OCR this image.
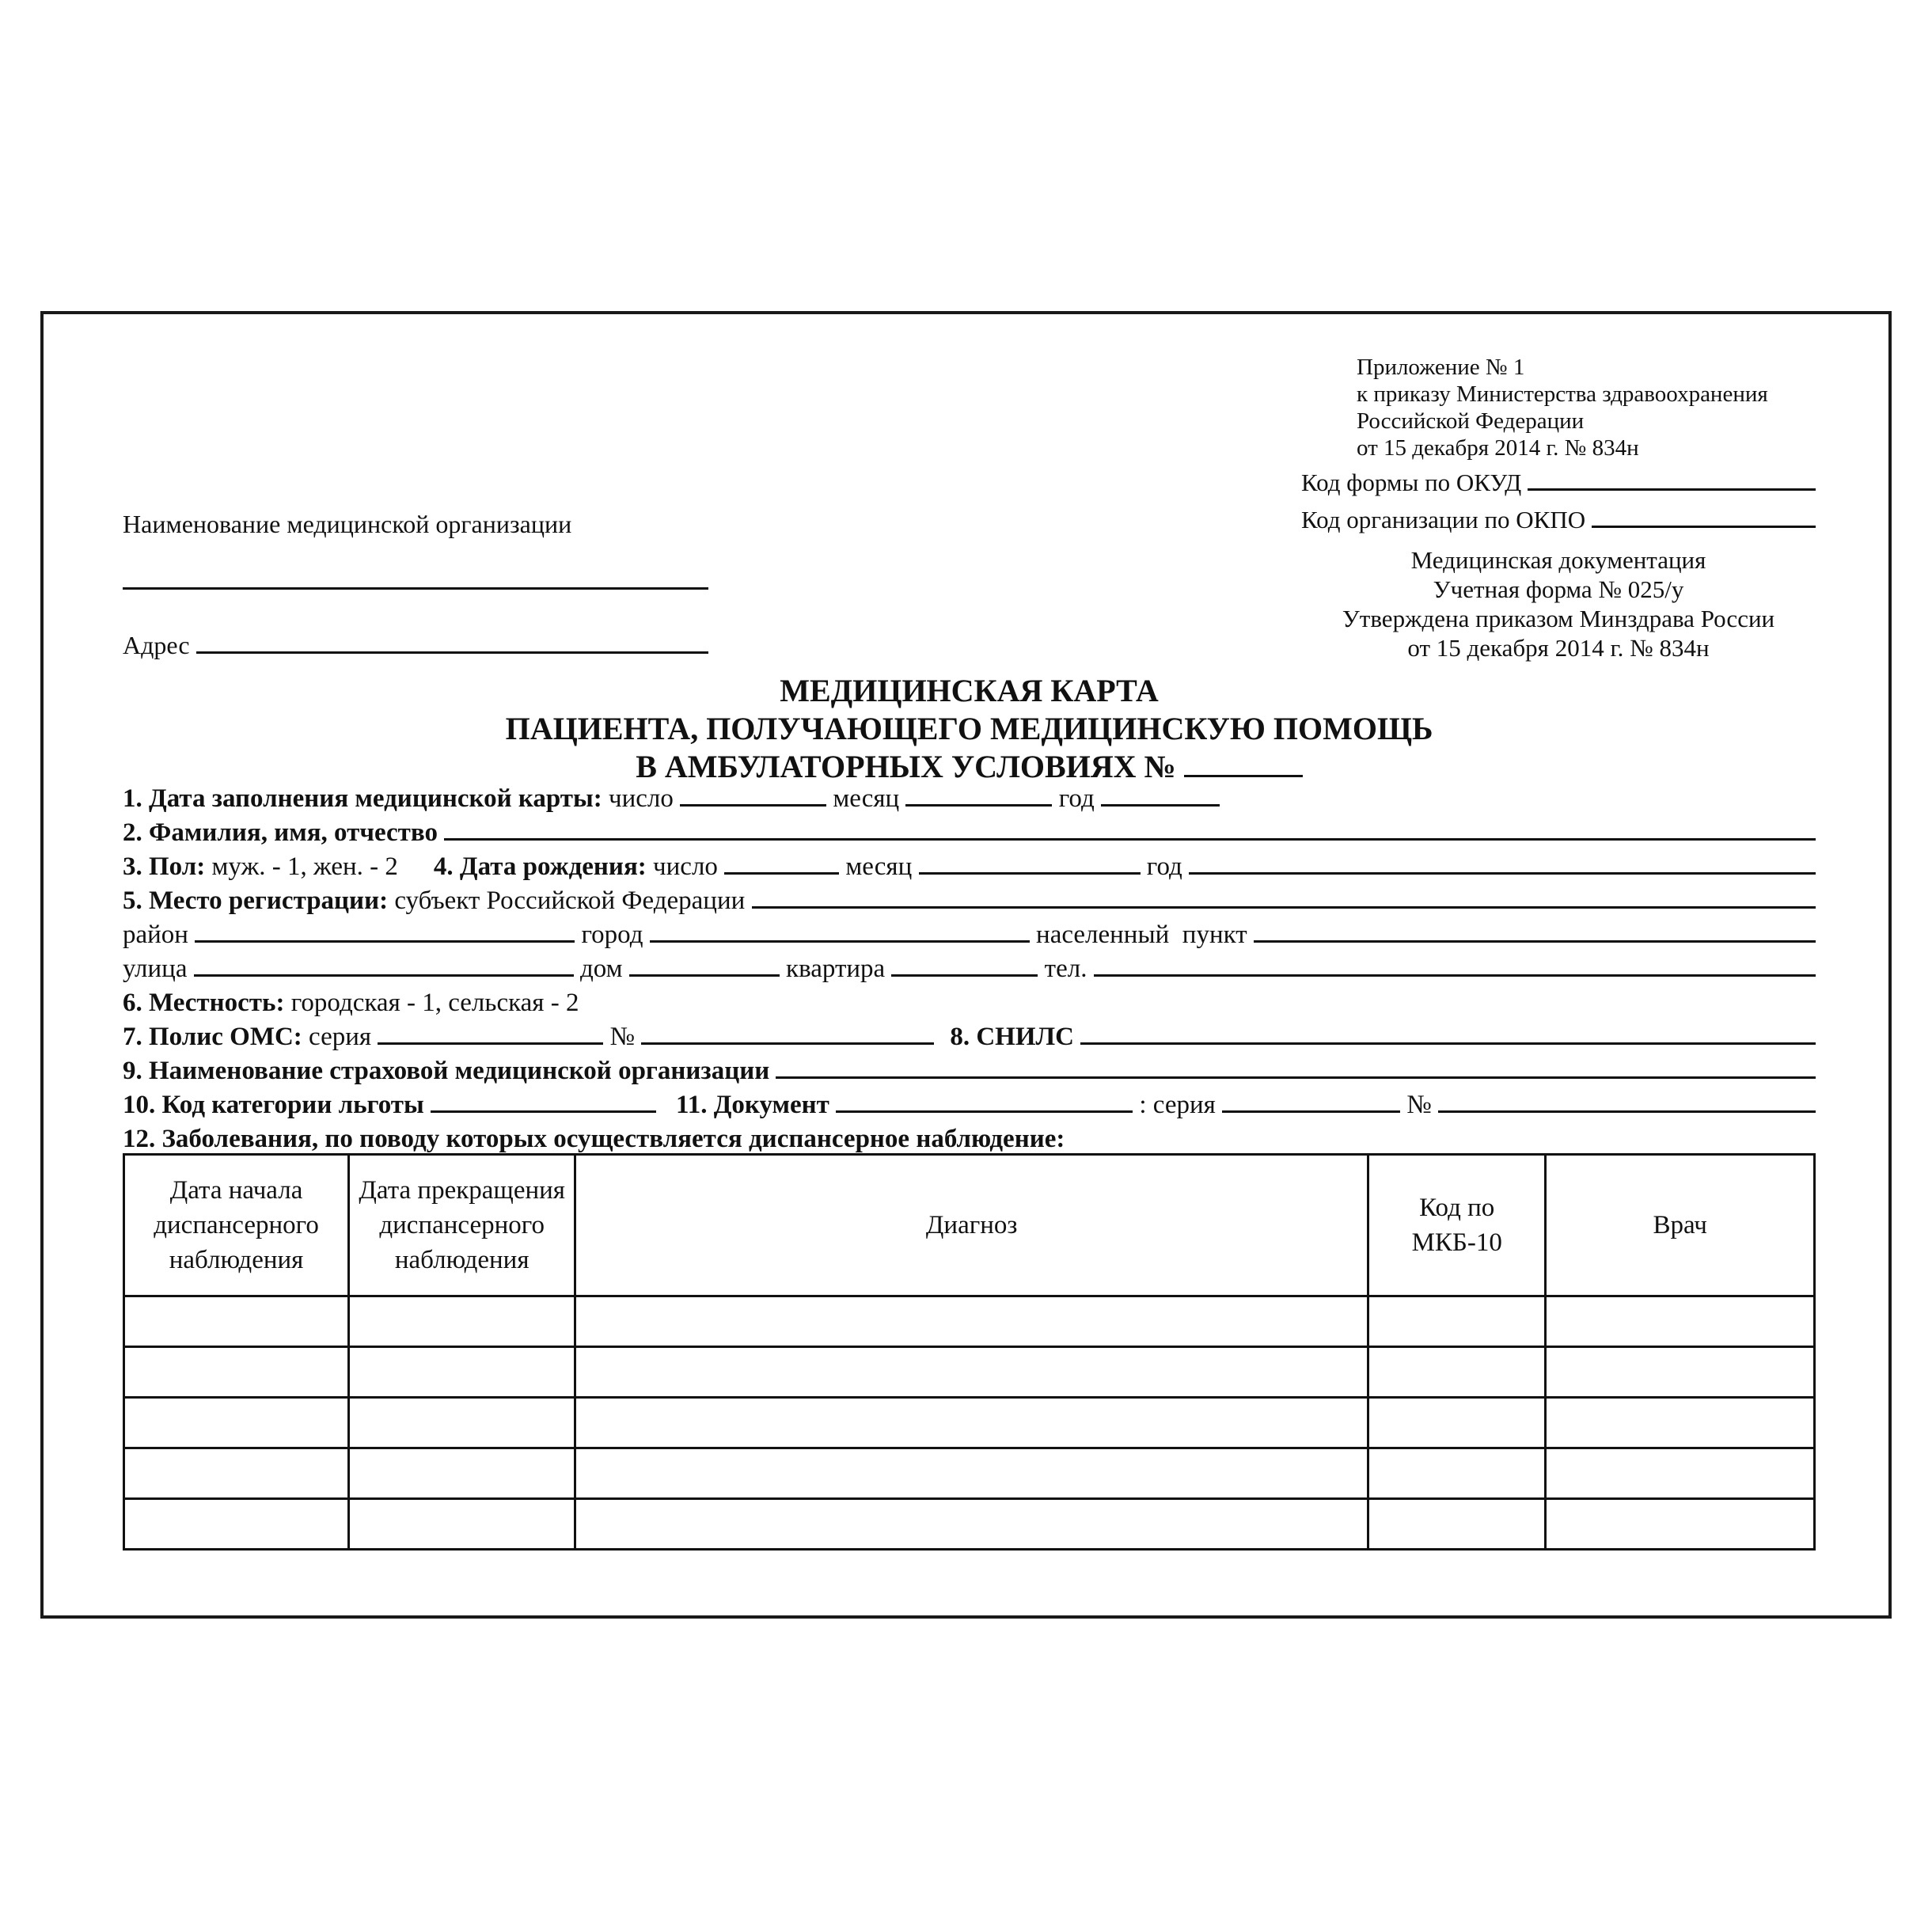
Приложение № 1
к приказу Министерства здравоохранения
Российской Федерации
от 15 декабря 2014 г. № 834н
Код формы по ОКУД
Код организации по ОКПО
Медицинская документация
Учетная форма № 025/у
Утверждена приказом Минздрава России
от 15 декабря 2014 г. № 834н
Наименование медицинской организации
Адрес
МЕДИЦИНСКАЯ КАРТА
ПАЦИЕНТА, ПОЛУЧАЮЩЕГО МЕДИЦИНСКУЮ ПОМОЩЬ
В АМБУЛАТОРНЫХ УСЛОВИЯХ №
1. Дата заполнения медицинской карты: число	месяц	год
2. Фамилия, имя, отчество
3. Пол: муж. - 1, жен. - 2 4. Дата рождения: число	месяц	год
5. Место регистрации: субъект Российской Федерации
район	город	населенный  пункт
улица	дом	квартира	тел.
6. Местность: городская - 1, сельская - 2
7. Полис ОМС: серия	№	8. СНИЛС

9. Наименование страховой медицинской организации
10. Код категории льготы	11. Документ	: серия	№
12. Заболевания, по поводу которых осуществляется диспансерное наблюдение:
Дата начала диспансерного наблюдения	Дата прекращения диспансерного наблюдения	Диагноз	Код по МКБ-10	Врач
